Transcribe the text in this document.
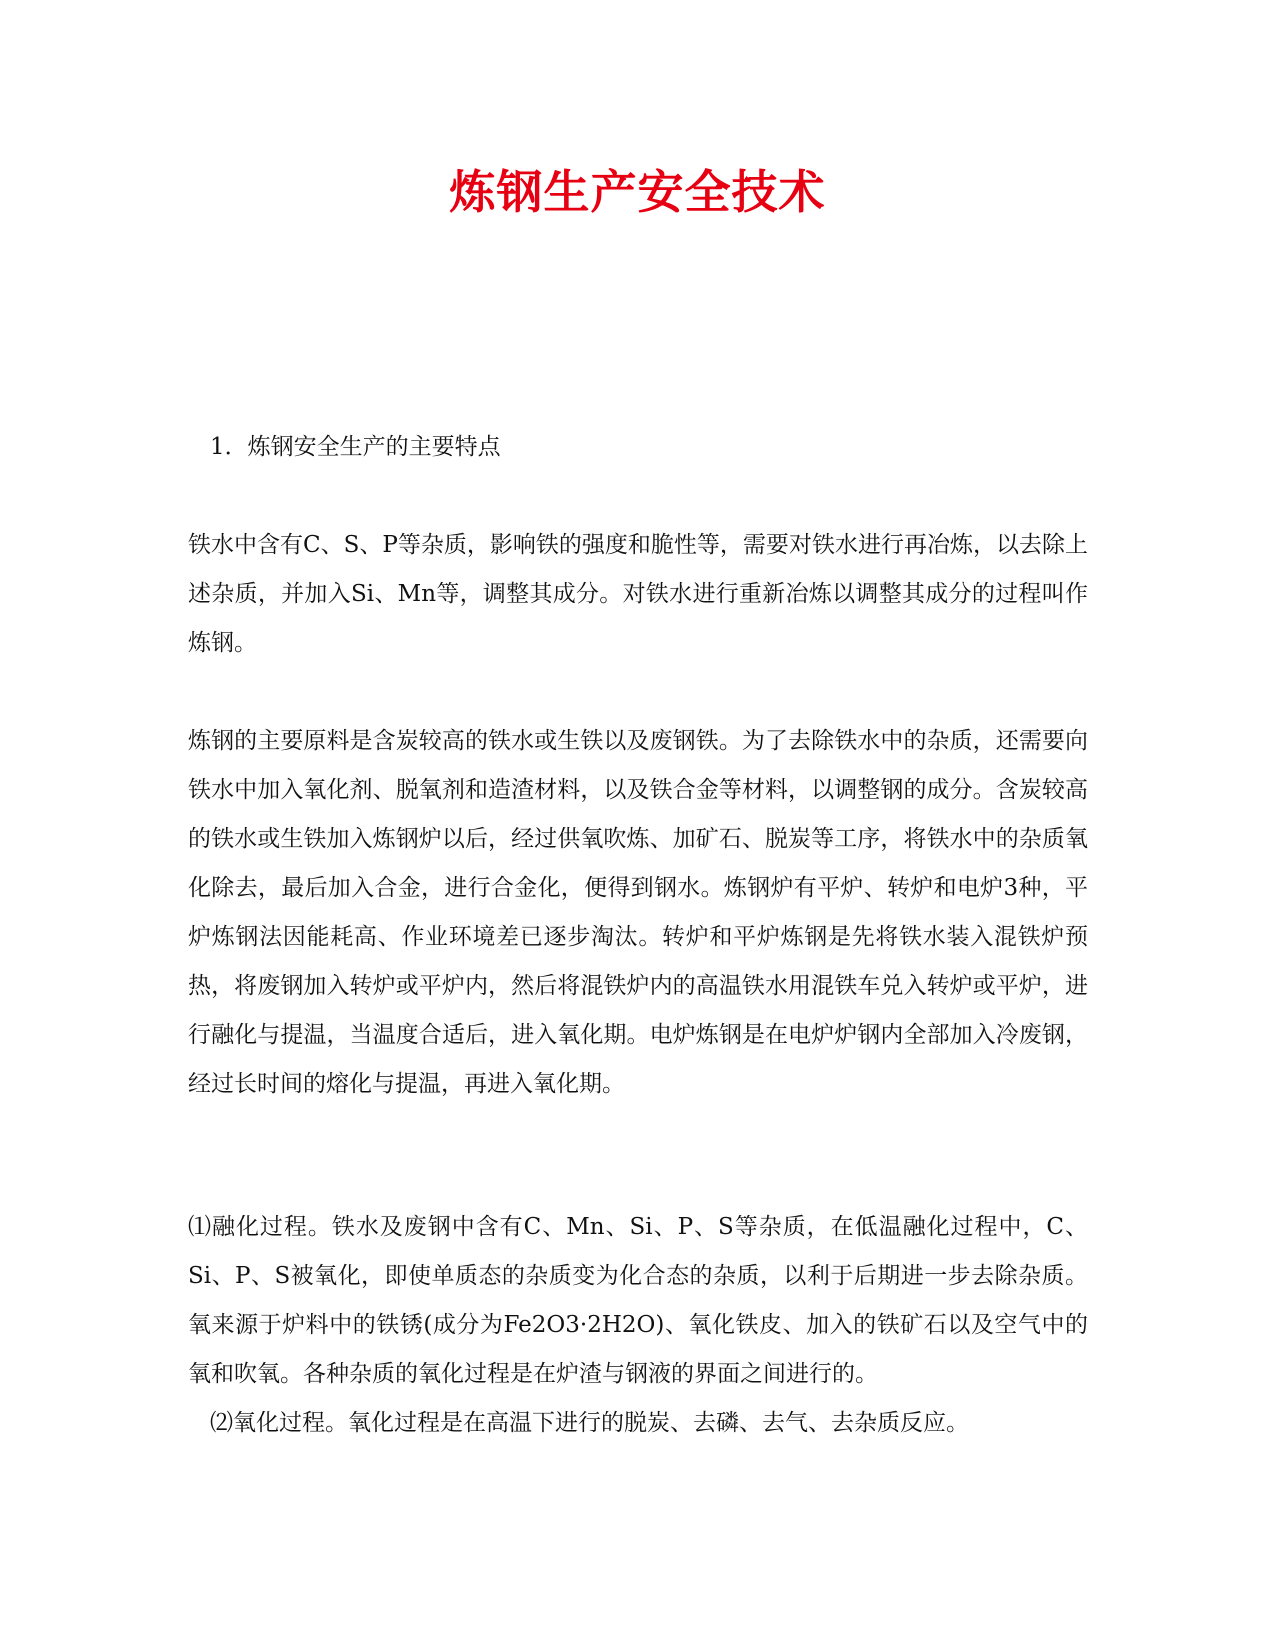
炼钢生产安全技术

1．炼钢安全生产的主要特点

铁水中含有C、S、P等杂质，影响铁的强度和脆性等，需要对铁水进行再冶炼，以去除上述杂质，并加入Si、Mn等，调整其成分。对铁水进行重新冶炼以调整其成分的过程叫作炼钢。

炼钢的主要原料是含炭较高的铁水或生铁以及废钢铁。为了去除铁水中的杂质，还需要向铁水中加入氧化剂、脱氧剂和造渣材料，以及铁合金等材料，以调整钢的成分。含炭较高的铁水或生铁加入炼钢炉以后，经过供氧吹炼、加矿石、脱炭等工序，将铁水中的杂质氧化除去，最后加入合金，进行合金化，便得到钢水。炼钢炉有平炉、转炉和电炉3种，平炉炼钢法因能耗高、作业环境差已逐步淘汰。转炉和平炉炼钢是先将铁水装入混铁炉预热，将废钢加入转炉或平炉内，然后将混铁炉内的高温铁水用混铁车兑入转炉或平炉，进行融化与提温，当温度合适后，进入氧化期。电炉炼钢是在电炉炉钢内全部加入冷废钢，经过长时间的熔化与提温，再进入氧化期。

⑴融化过程。铁水及废钢中含有C、Mn、Si、P、S等杂质，在低温融化过程中，C、Si、P、S被氧化，即使单质态的杂质变为化合态的杂质，以利于后期进一步去除杂质。氧来源于炉料中的铁锈(成分为Fe2O3·2H2O)、氧化铁皮、加入的铁矿石以及空气中的氧和吹氧。各种杂质的氧化过程是在炉渣与钢液的界面之间进行的。

⑵氧化过程。氧化过程是在高温下进行的脱炭、去磷、去气、去杂质反应。
